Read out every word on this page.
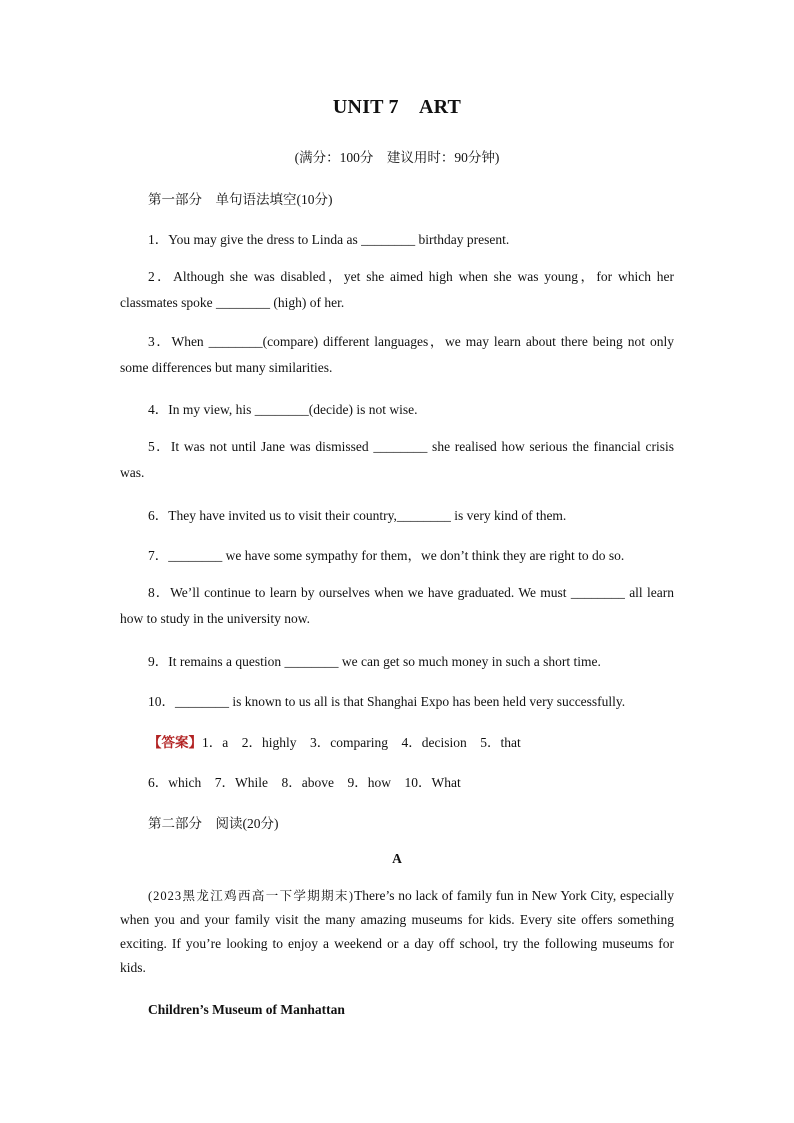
UNIT 7 ART
(满分：100分 建议用时：90分钟)
第一部分 单句语法填空(10分)
1．You may give the dress to Linda as ________ birthday present.
2．Although she was disabled，yet she aimed high when she was young，for which her classmates spoke ________ (high) of her.
3．When ________(compare) different languages，we may learn about there being not only some differences but many similarities.
4．In my view, his ________(decide) is not wise.
5．It was not until Jane was dismissed ________ she realised how serious the financial crisis was.
6．They have invited us to visit their country,________ is very kind of them.
7．________ we have some sympathy for them，we don’t think they are right to do so.
8．We’ll continue to learn by ourselves when we have graduated. We must ________ all learn how to study in the university now.
9．It remains a question ________ we can get so much money in such a short time.
10．________ is known to us all is that Shanghai Expo has been held very successfully.
【答案】1．a 2．highly 3．comparing 4．decision 5．that
6．which 7．While 8．above 9．how 10．What
第二部分 阅读(20分)
A
(2023黑龙江鸡西高一下学期期末)There’s no lack of family fun in New York City, especially when you and your family visit the many amazing museums for kids. Every site offers something exciting. If you’re looking to enjoy a weekend or a day off school, try the following museums for kids.
Children’s Museum of Manhattan
